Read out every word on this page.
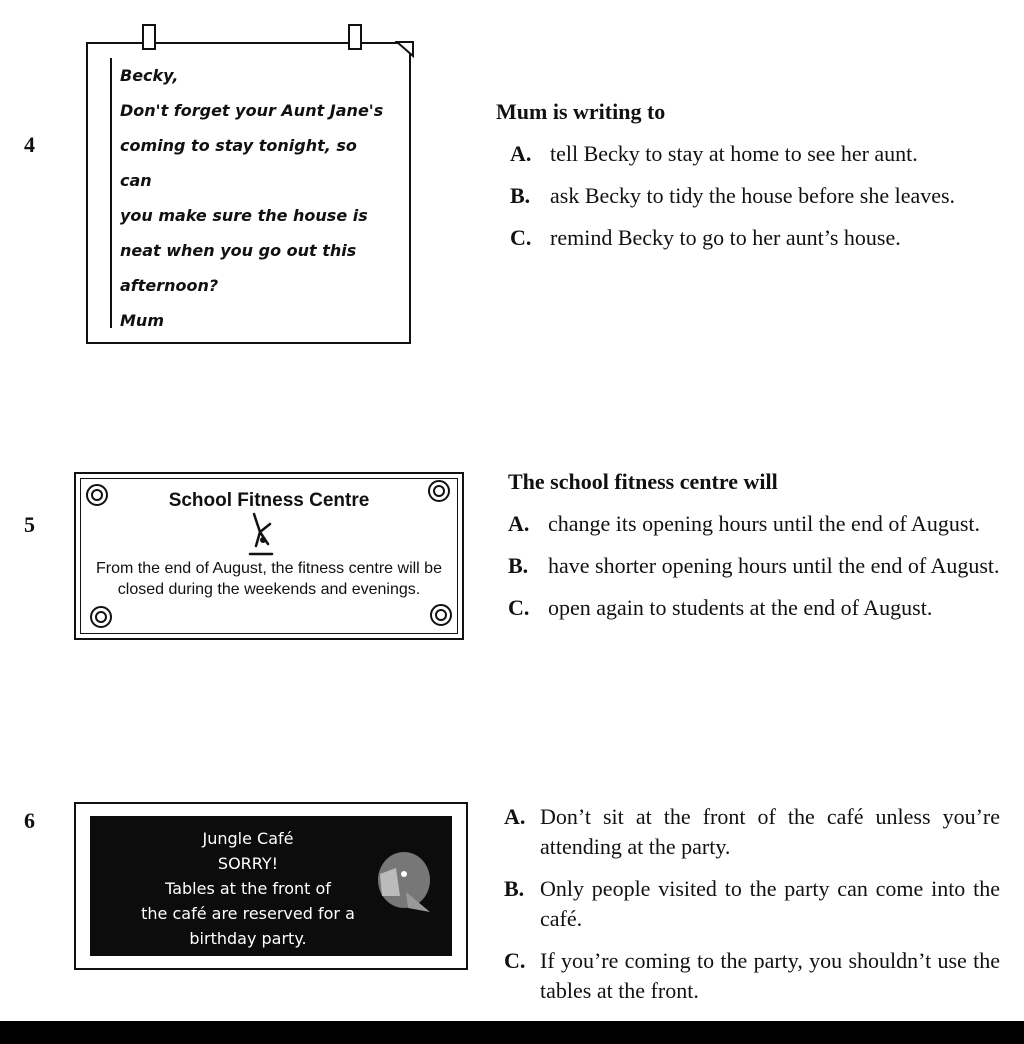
4
Becky,
Don't forget your Aunt Jane's
coming to stay tonight, so can
you make sure the house is
neat when you go out this
afternoon?
Mum
Mum is writing to
A. tell Becky to stay at home to see her aunt.
B. ask Becky to tidy the house before she leaves.
C. remind Becky to go to her aunt’s house.
5
School Fitness Centre
From the end of August, the fitness centre will be closed during the weekends and evenings.
The school fitness centre will
A. change its opening hours until the end of August.
B. have shorter opening hours until the end of August.
C. open again to students at the end of August.
6
Jungle Café
SORRY!
Tables at the front of
the café are reserved for a
birthday party.
A. Don’t sit at the front of the café unless you’re attending at the party.
B. Only people visited to the party can come into the café.
C. If you’re coming to the party, you shouldn’t use the tables at the front.
